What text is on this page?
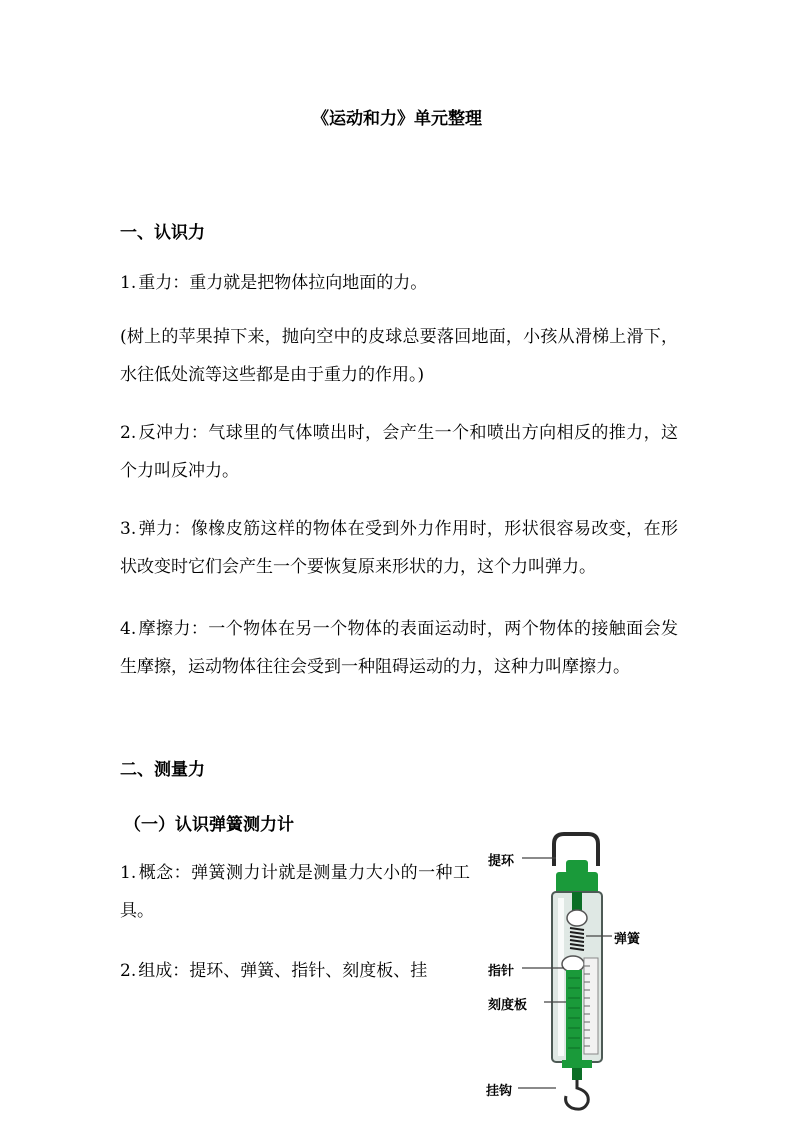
《运动和力》单元整理
一、认识力
1. 重力：重力就是把物体拉向地面的力。
(树上的苹果掉下来，抛向空中的皮球总要落回地面，小孩从滑梯上滑下，水往低处流等这些都是由于重力的作用。)
2. 反冲力：气球里的气体喷出时，会产生一个和喷出方向相反的推力，这个力叫反冲力。
3. 弹力：像橡皮筋这样的物体在受到外力作用时，形状很容易改变，在形状改变时它们会产生一个要恢复原来形状的力，这个力叫弹力。
4. 摩擦力：一个物体在另一个物体的表面运动时，两个物体的接触面会发生摩擦，运动物体往往会受到一种阻碍运动的力，这种力叫摩擦力。
二、测量力
（一）认识弹簧测力计
1. 概念：弹簧测力计就是测量力大小的一种工具。
2. 组成：提环、弹簧、指针、刻度板、挂
提环
弹簧
指针
刻度板
挂钩
